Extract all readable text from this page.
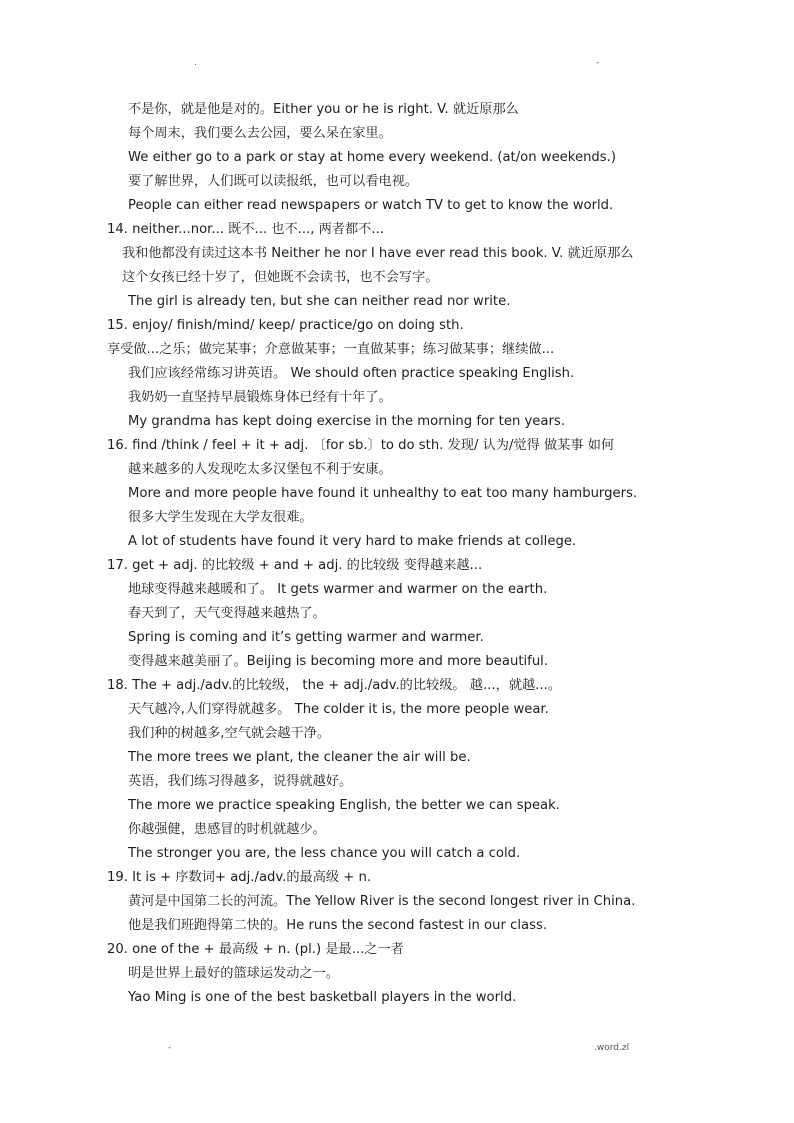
.	-
不是你，就是他是对的。Either you or he is right. V. 就近原那么
每个周末，我们要么去公园，要么呆在家里。
We either go to a park or stay at home every weekend. (at/on weekends.)
要了解世界，人们既可以读报纸，也可以看电视。
People can either read newspapers or watch TV to get to know the world.
14. neither...nor... 既不... 也不..., 两者都不...
我和他都没有读过这本书 Neither he nor I have ever read this book. V. 就近原那么
这个女孩已经十岁了，但她既不会读书，也不会写字。
The girl is already ten, but she can neither read nor write.
15. enjoy/ finish/mind/ keep/ practice/go on doing sth.
享受做...之乐；做完某事；介意做某事；一直做某事；练习做某事；继续做...
我们应该经常练习讲英语。 We should often practice speaking English.
我奶奶一直坚持早晨锻炼身体已经有十年了。
My grandma has kept doing exercise in the morning for ten years.
16. find /think / feel + it + adj. 〔for sb.〕to do sth. 发现/ 认为/觉得 做某事 如何
越来越多的人发现吃太多汉堡包不利于安康。
More and more people have found it unhealthy to eat too many hamburgers.
很多大学生发现在大学友很难。
A lot of students have found it very hard to make friends at college.
17. get + adj. 的比较级 + and + adj. 的比较级 变得越来越...
地球变得越来越暖和了。 It gets warmer and warmer on the earth.
春天到了，天气变得越来越热了。
Spring is coming and it’s getting warmer and warmer.
变得越来越美丽了。Beijing is becoming more and more beautiful.
18. The + adj./adv.的比较级， the + adj./adv.的比较级。 越...，就越...。
天气越冷,人们穿得就越多。 The colder it is, the more people wear.
我们种的树越多,空气就会越干净。
The more trees we plant, the cleaner the air will be.
英语，我们练习得越多，说得就越好。
The more we practice speaking English, the better we can speak.
你越强健，患感冒的时机就越少。
The stronger you are, the less chance you will catch a cold.
19. It is + 序数词+ adj./adv.的最高级 + n.
黄河是中国第二长的河流。The Yellow River is the second longest river in China.
他是我们班跑得第二快的。He runs the second fastest in our class.
20. one of the + 最高级 + n. (pl.) 是最...之一者
明是世界上最好的篮球运发动之一。
Yao Ming is one of the best basketball players in the world.
-	.word.zl
